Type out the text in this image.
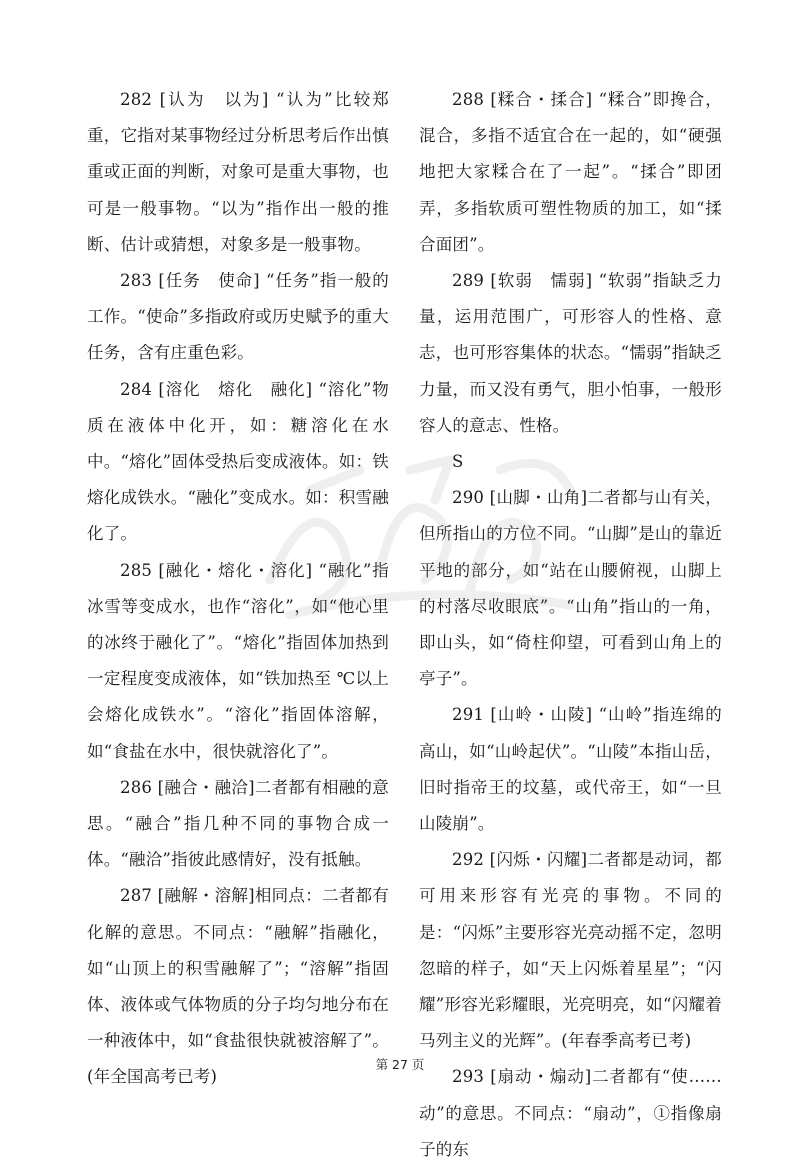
282 [认为　以为] “认为”比较郑重，它指对某事物经过分析思考后作出慎重或正面的判断，对象可是重大事物，也可是一般事物。“以为”指作出一般的推断、估计或猜想，对象多是一般事物。

283 [任务　使命] “任务”指一般的工作。“使命”多指政府或历史赋予的重大任务，含有庄重色彩。

284 [溶化　熔化　融化] “溶化”物质在液体中化开，如：糖溶化在水中。“熔化”固体受热后变成液体。如：铁熔化成铁水。“融化”变成水。如：积雪融化了。

285 [融化・熔化・溶化] “融化”指冰雪等变成水，也作“溶化”，如“他心里的冰终于融化了”。“熔化”指固体加热到一定程度变成液体，如“铁加热至 ℃以上会熔化成铁水”。“溶化”指固体溶解，如“食盐在水中，很快就溶化了”。

286 [融合・融洽]二者都有相融的意思。“融合”指几种不同的事物合成一体。“融洽”指彼此感情好，没有抵触。

287 [融解・溶解]相同点：二者都有化解的意思。不同点：“融解”指融化，如“山顶上的积雪融解了”；“溶解”指固体、液体或气体物质的分子均匀地分布在一种液体中，如“食盐很快就被溶解了”。(年全国高考已考)

288 [糅合・揉合] “糅合”即搀合，混合，多指不适宜合在一起的，如“硬强地把大家糅合在了一起”。“揉合”即团弄，多指软质可塑性物质的加工，如“揉合面团”。

289 [软弱　懦弱] “软弱”指缺乏力量，运用范围广，可形容人的性格、意志，也可形容集体的状态。“懦弱”指缺乏力量，而又没有勇气，胆小怕事，一般形容人的意志、性格。

S

290 [山脚・山角]二者都与山有关，但所指山的方位不同。“山脚”是山的靠近平地的部分，如“站在山腰俯视，山脚上的村落尽收眼底”。“山角”指山的一角，即山头，如“倚柱仰望，可看到山角上的亭子”。

291 [山岭・山陵] “山岭”指连绵的高山，如“山岭起伏”。“山陵”本指山岳，旧时指帝王的坟墓，或代帝王，如“一旦山陵崩”。

292 [闪烁・闪耀]二者都是动词，都可用来形容有光亮的事物。不同的是：“闪烁”主要形容光亮动摇不定，忽明忽暗的样子，如“天上闪烁着星星”；“闪耀”形容光彩耀眼，光亮明亮，如“闪耀着马列主义的光辉”。(年春季高考已考)

293 [扇动・煽动]二者都有“使……动”的意思。不同点：“扇动”，①指像扇子的东

第 27 页
